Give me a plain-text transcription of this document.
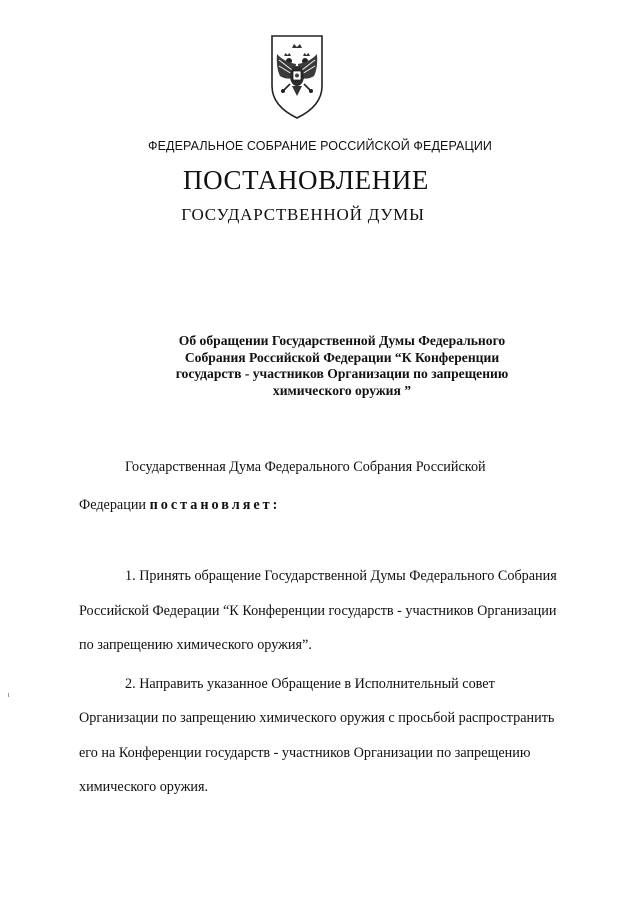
ФЕДЕРАЛЬНОЕ СОБРАНИЕ РОССИЙСКОЙ ФЕДЕРАЦИИ
ПОСТАНОВЛЕНИЕ
ГОСУДАРСТВЕННОЙ ДУМЫ
Об обращении Государственной Думы Федерального
Собрания Российской Федерации “К Конференции
государств - участников Организации по запрещению
химического оружия ”
Государственная Дума Федерального Собрания Российской
Федерации постановляет:
1. Принять обращение Государственной Думы Федерального Собрания
Российской Федерации “К Конференции государств - участников Организации
по запрещению химического оружия”.
2. Направить указанное Обращение в Исполнительный совет
Организации по запрещению химического оружия с просьбой распространить
его на Конференции государств - участников Организации по запрещению
химического оружия.
